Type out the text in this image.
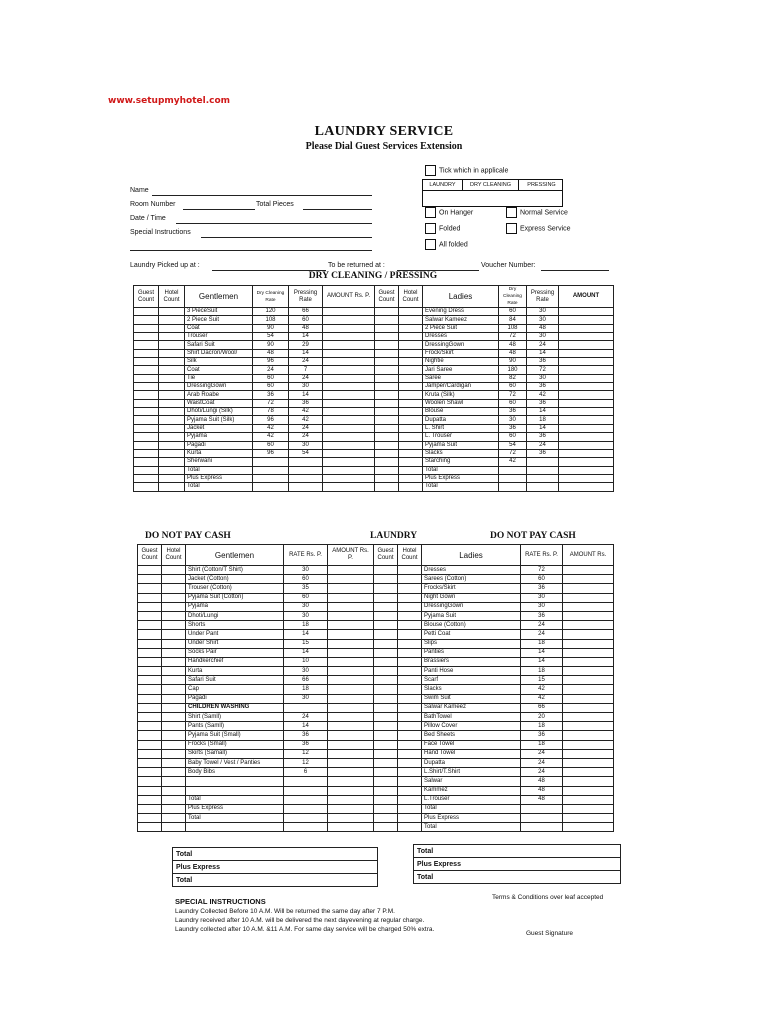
www.setupmyhotel.com
LAUNDRY SERVICE
Please Dial Guest Services Extension
Name
Room Number	Total Pieces
Date / Time
Special Instructions
Tick which in applicale
LAUNDRY	DRY CLEANING	PRESSING
On Hanger	Normal Service
Folded	Express Service
All folded
Laundry Picked up at :	To be returned at :	Voucher Number:
DRY CLEANING / PRESSING
Guest Count	Hotel Count	Gentlemen	Dry Cleaning Rate	Pressing Rate	AMOUNT Rs. P.	Guest Count	Hotel Count	Ladies	Dry Cleaning Rate	Pressing Rate	AMOUNT
		3 PieceSuit	120	66				Evening Dress	60	30	
		2 Piece Suit	108	60				Salwar Kameez	84	30	
		Coat	90	48				2 Piece Suit	108	48	
		Trouser	54	14				Dresses	72	30	
		Safari Suit	90	29				DressingGown	48	24	
		Shirt Dacron/Wool/	48	14				Frock/Skirt	48	14	
		Silk	96	24				Nightie	90	36	
		Coat	24	7				Jari Saree	180	72	
		Tie	60	24				Saree	82	30	
		DressingGown	60	30				Jamper/Cardigan	60	36	
		Arab Roabe	36	14				Kruta (Silk)	72	42	
		WaistCoat	72	36				Woolen Shawl	60	36	
		Dhoti/Lungi (Silk)	78	42				Blouse	36	14	
		Pyjama Suit (Silk)	96	42				Dupatta	30	18	
		Jacket	42	24				L. Shirt	36	14	
		Pyjama	42	24				L. Trouser	60	36	
		Pagadi	60	30				Pyjama Suit	54	24	
		Kurta	96	54				Slacks	72	36	
		Sherwani						Starching	42		
		Total						Total			
		Plus Express						Plus Express			
		Total						Total			
DO NOT PAY CASH	LAUNDRY	DO NOT PAY CASH
Guest Count	Hotel Count	Gentlemen	RATE Rs. P.	AMOUNT Rs. P.	Guest Count	Hotel Count	Ladies	RATE Rs. P.	AMOUNT Rs.
		Shirt (Cotton/T Shirt)	30				Dresses	72	
		Jacket (Cotton)	60				Sarees (Cotton)	60	
		Trouser (Cotton)	35				Frocks/Skirt	36	
		Pyjama Suit (Cotton)	60				Night Gown	30	
		Pyjama	30				DressingGown	30	
		Dhoti/Lungi	30				Pyjama Suit	36	
		Shorts	18				Blouse (Cotton)	24	
		Under Pant	14				Petti Coat	24	
		Under Shirt	15				Slips	18	
		Socks Pair	14				Panties	14	
		Handkerchief	10				Brassiers	14	
		Kurta	30				Panti Hose	18	
		Safari Suit	66				Scarf	15	
		Cap	18				Slacks	42	
		Pagadi	30				Swim Suit	42	
		CHILDREN WASHING					Salwar Kameez	66	
		Shirt (Samll)	24				BathTowel	20	
		Pants (Samll)	14				Pillow Cover	18	
		Pyjama Suit (Small)	36				Bed Sheets	36	
		Frocks (Small)	36				Face Towel	18	
		Skirts (Samall)	12				Hand Towel	24	
		Baby Towel / Vest / Panties	12				Dupatta	24	
		Body Bibs	6				L.Shirt/T.Shirt	24	
							Salwar	48	
							Kammez	48	
		Total					L.Trouser	48	
		Plus Express					Total		
		Total					Plus Express		
							Total		
Total
Plus Express
Total
Total
Plus Express
Total
SPECIAL INSTRUCTIONS
Laundry Collected Before 10 A.M. Will be returned the same day after 7 P.M.
Laundry received after 10 A.M. will be delivered the next dayevening at regular charge.
Laundry collected after 10 A.M. &11 A.M. For same day service will be charged 50% extra.
Terms & Conditions over leaf accepted
Guest Signature
